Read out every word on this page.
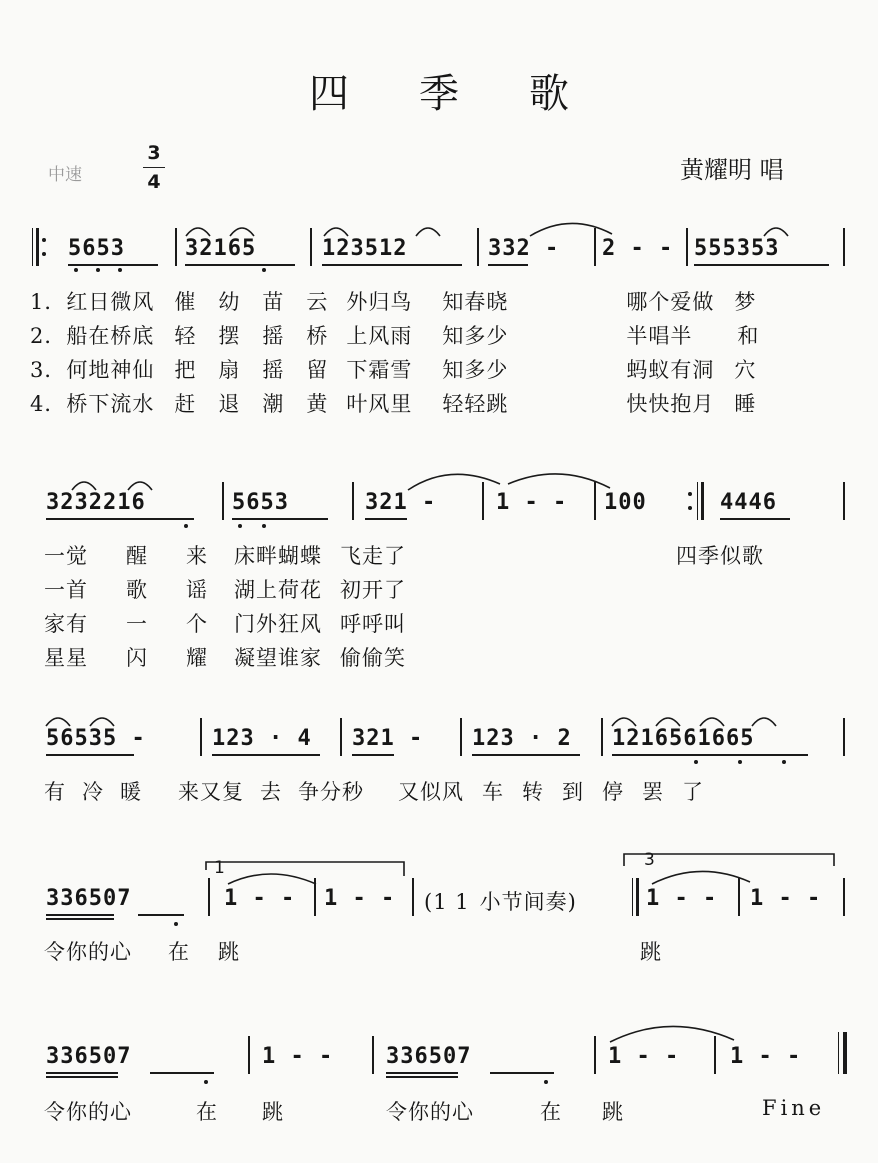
四季歌
中速
3
4	黄耀明 唱
5653	32165	123512	332 - 2 - - 555353
1．红日微风 催 幼 苗 云 外归鸟 知春晓	哪个爱做 梦
2．船在桥底 轻 摆 摇 桥 上风雨 知多少	半唱半 和
3．何地神仙 把 扇 摇 留 下霜雪 知多少	蚂蚁有洞 穴
4．桥下流水 赶 退 潮 黄 叶风里 轻轻跳	快快抱月 睡
3232216	5653	321 -	1 - - 100	4446
一觉 醒 来 床畔蝴蝶 飞走了	四季似歌
一首 歌 谣 湖上荷花 初开了
家有 一 个 门外狂风 呼呼叫
星星 闪 耀 凝望谁家 偷偷笑
56535 -	123 · 4 321 - 123 · 2 1216561665
有 冷 暖 来又复 去 争分秒 又似风 车 转 到 停 罢 了
336507
1
1 - - 1 - - (1 1 小节间奏)
3
1 - - 1 - -
令你的心 在 跳	跳
336507	1 - - 336507	1 - - 1 - -
令你的心	在 跳	令你的心	在 跳	Fine
